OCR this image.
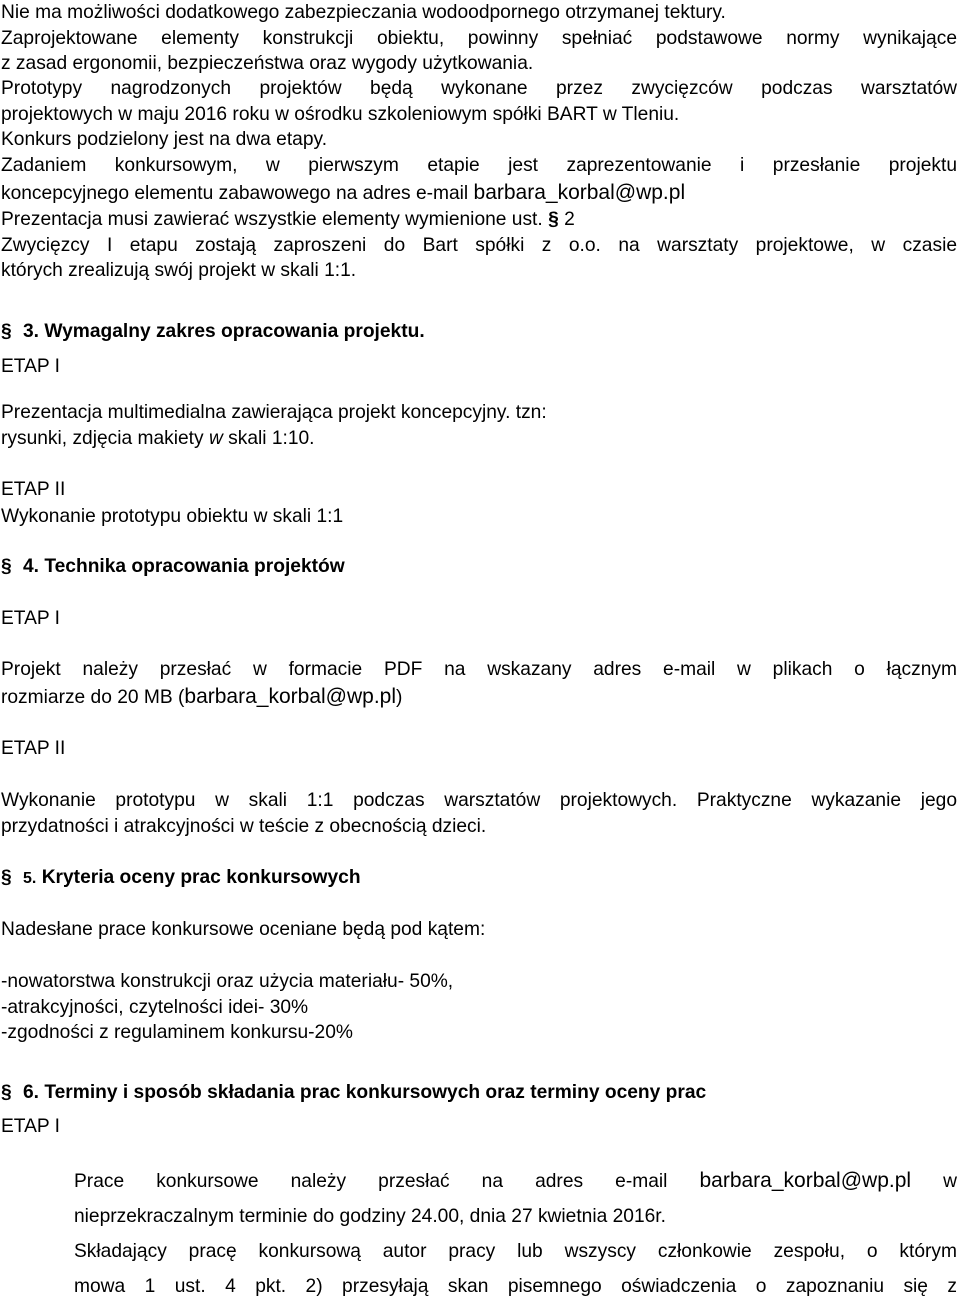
Nie ma możliwości dodatkowego zabezpieczania wodoodpornego otrzymanej tektury.

Zaprojektowane elementy konstrukcji obiektu, powinny spełniać podstawowe normy wynikające

z zasad ergonomii, bezpieczeństwa oraz wygody użytkowania.

Prototypy nagrodzonych projektów będą wykonane przez zwycięzców podczas warsztatów

projektowych w maju 2016 roku w ośrodku szkoleniowym spółki BART w Tleniu.

Konkurs podzielony jest na dwa etapy.

Zadaniem konkursowym, w pierwszym etapie jest zaprezentowanie i przesłanie projektu

koncepcyjnego elementu zabawowego na adres e-mail barbara_korbal@wp.pl

Prezentacja musi zawierać wszystkie elementy wymienione ust. § 2

Zwycięzcy I etapu zostają zaproszeni do Bart spółki z o.o. na warsztaty projektowe, w czasie

których zrealizują swój projekt w skali 1:1.

§ 3. Wymagalny zakres opracowania projektu.

ETAP I

Prezentacja multimedialna zawierająca projekt koncepcyjny. tzn:

rysunki, zdjęcia makiety w skali 1:10.

ETAP II

Wykonanie prototypu obiektu w skali 1:1

§ 4. Technika opracowania projektów

ETAP I

Projekt należy przesłać w formacie PDF na wskazany adres e-mail w plikach o łącznym

rozmiarze do 20 MB (barbara_korbal@wp.pl)

ETAP II

Wykonanie prototypu w skali 1:1 podczas warsztatów projektowych. Praktyczne wykazanie jego

przydatności i atrakcyjności w teście z obecnością dzieci.

§ 5. Kryteria oceny prac konkursowych

Nadesłane prace konkursowe oceniane będą pod kątem:

-nowatorstwa konstrukcji oraz użycia materiału- 50%,

-atrakcyjności, czytelności idei- 30%

-zgodności z regulaminem konkursu-20%

§ 6. Terminy i sposób składania prac konkursowych oraz terminy oceny prac

ETAP I

Prace konkursowe należy przesłać na adres e-mail barbara_korbal@wp.pl w

nieprzekraczalnym terminie do godziny 24.00, dnia 27 kwietnia 2016r.

Składający pracę konkursową autor pracy lub wszyscy członkowie zespołu, o którym

mowa 1 ust. 4 pkt. 2) przesyłają skan pisemnego oświadczenia o zapoznaniu się z
